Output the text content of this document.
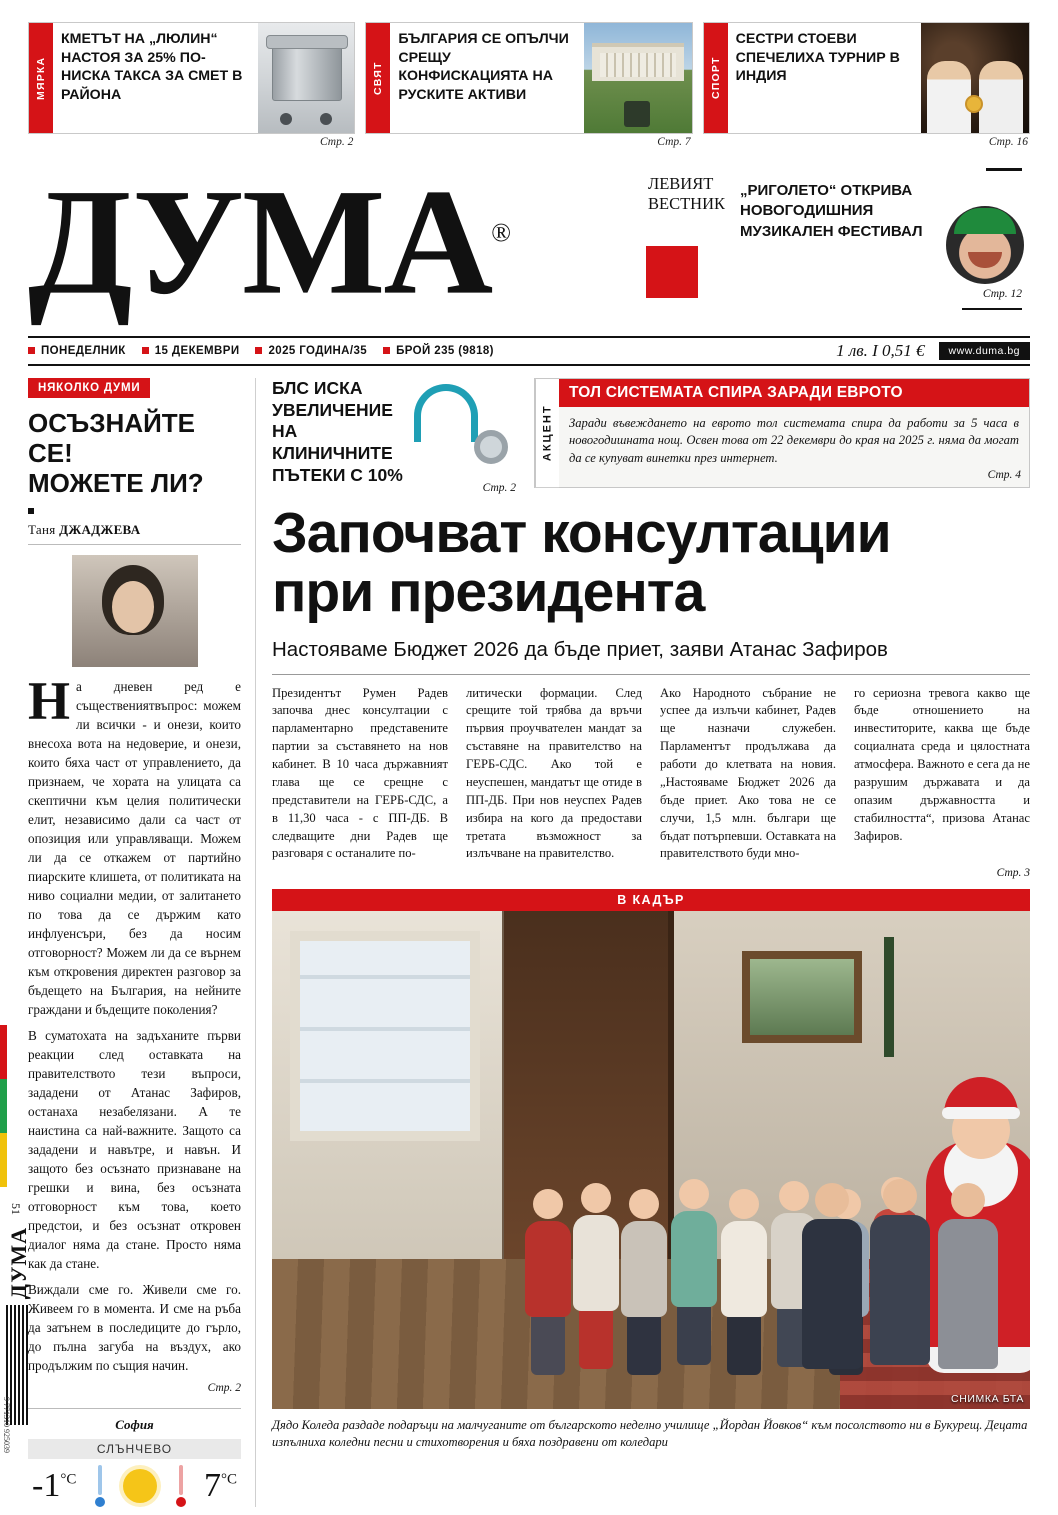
МЯРКА
КМЕТЪТ НА „ЛЮЛИН“ НАСТОЯ ЗА 25% ПО-НИСКА ТАКСА ЗА СМЕТ В РАЙОНА
СВЯТ
БЪЛГАРИЯ СЕ ОПЪЛЧИ СРЕЩУ КОНФИСКАЦИЯТА НА РУСКИТЕ АКТИВИ	СПОРТ
СЕСТРИ СТОЕВИ СПЕЧЕЛИХА ТУРНИР В ИНДИЯ
Стр. 2	Стр. 7	Стр. 16
ДУМА®
ЛЕВИЯТ
ВЕСТНИК
„РИГОЛЕТО“ ОТКРИВА НОВОГОДИШНИЯ МУЗИКАЛЕН ФЕСТИВАЛ
Стр. 12
ПОНЕДЕЛНИК	15 ДЕКЕМВРИ	2025 ГОДИНА/35	БРОЙ 235 (9818)	1 лв. I 0,51 €	www.duma.bg
НЯКОЛКО ДУМИ
ОСЪЗНАЙТЕ СЕ!
МОЖЕТЕ ЛИ?
Таня ДЖАДЖЕВА

На дневен ред е съществениятвъпрос: можем ли всички - и онези, които внесоха вота на недоверие, и онези, които бяха част от управлението, да признаем, че хората на улицата са скептични към целия политически елит, независимо дали са част от опозиция или управляващи. Можем ли да се откажем от партийно пиарските клишета, от политиката на ниво социални медии, от залитането по това да се държим като инфлуенсъри, без да носим отговорност? Можем ли да се върнем към откровения директен разговор за бъдещето на България, на нейните граждани и бъдещите поколения?

В суматохата на задъханите първи реакции след оставката на правителството тези въпроси, зададени от Атанас Зафиров, останаха незабелязани. А те наистина са най-важните. Защото са зададени и навътре, и навън. И защото без осъзнато признаване на грешки и вина, без осъзната отговорност към това, което предстои, и без осъзнат откровен диалог няма да стане. Просто няма как да стане.

Виждали сме го. Живели сме го. Живеем го в момента. И сме на ръба да затънем в последиците до гърло, до пълна загуба на въздух, ако продължим по същия начин.

Стр. 2
София
СЛЪНЧЕВО
$-1^{^\circ C}$	$7^{^\circ C}$
БЛС ИСКА УВЕЛИЧЕНИЕ НА КЛИНИЧНИТЕ ПЪТЕКИ С 10%
Стр. 2
АКЦЕНТ
ТОЛ СИСТЕМАТА СПИРА ЗАРАДИ ЕВРОТО
Заради въвеждането на еврото тол системата спира да работи за 5 часа в новогодишната нощ. Освен това от 22 декември до края на 2025 г. няма да могат да се купуват винетки през интернет.
Стр. 4
Започват консултации
при президента
Настояваме Бюджет 2026 да бъде приет, заяви Атанас Зафиров

Президентът Румен Радев започва днес консултации с парламентарно представените партии за съставянето на нов кабинет. В 10 часа държавният глава ще се срещне с представители на ГЕРБ-СДС, а в 11,30 часа - с ПП-ДБ. В следващите дни Радев ще разговаря с останалите по-

литически формации. След срещите той трябва да връчи първия проучвателен мандат за съставяне на правителство на ГЕРБ-СДС. Ако той е неуспешен, мандатът ще отиде в ПП-ДБ. При нов неуспех Радев избира на кого да предостави третата възможност за излъчване на правителство.

Ако Народното събрание не успее да излъчи кабинет, Радев ще назначи служебен. Парламентът продължава да работи до клетвата на новия. „Настояваме Бюджет 2026 да бъде приет. Ако това не се случи, 1,5 млн. българи ще бъдат потърпевши. Оставката на правителството буди мно-

го сериозна тревога какво ще бъде отношението на инвеститорите, каква ще бъде социалната среда и цялостната атмосфера. Важното е сега да не разрушим държавата и да опазим държавността и стабилността“, призова Атанас Зафиров.

Стр. 3
В КАДЪР
СНИМКА БТА
Дядо Коледа раздаде подаръци на малчуганите от българското неделно училище „Йордан Йовков“ към посолството ни в Букурещ. Децата изпълниха коледни песни и стихотворения и бяха поздравени от коледари
51
ДУМА
9 771310 925039
